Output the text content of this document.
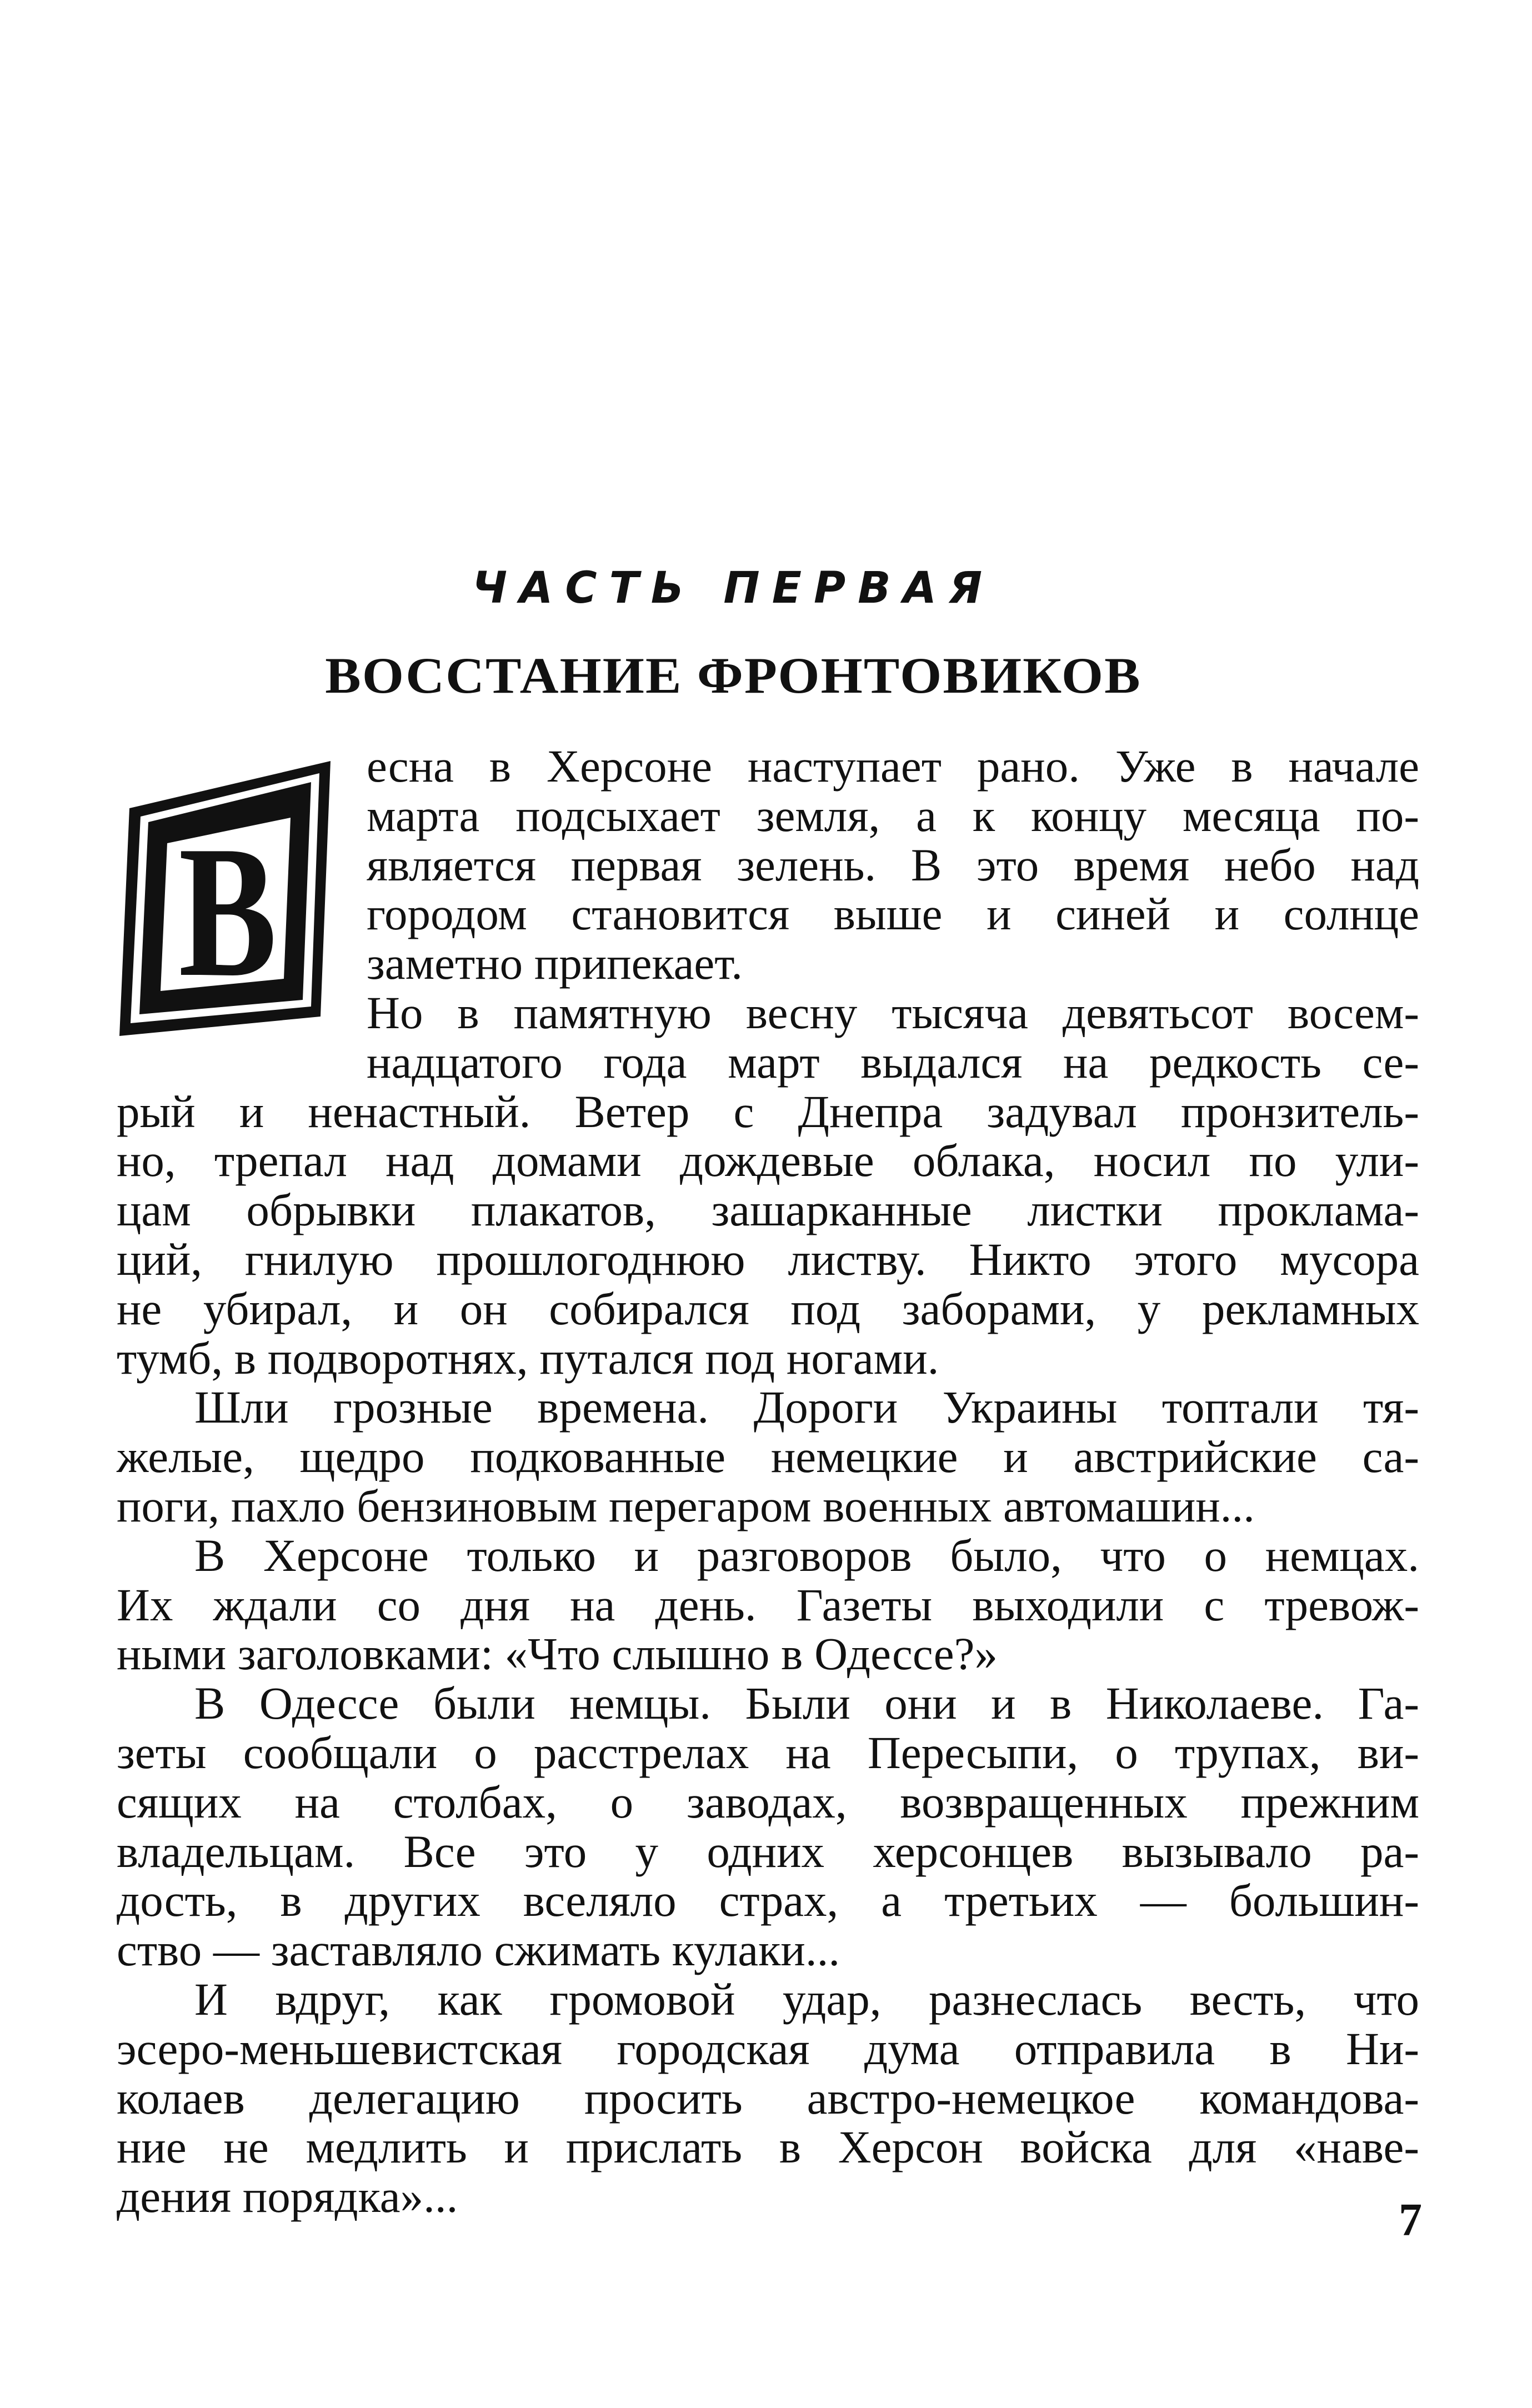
ЧАСТЬ ПЕРВАЯ
ВОССТАНИЕ ФРОНТОВИКОВ
В
есна в Херсоне наступает рано. Уже в начале
марта подсыхает земля, а к концу месяца по-
является первая зелень. В это время небо над
городом становится выше и синей и солнце
заметно припекает.
Но в памятную весну тысяча девятьсот восем-
надцатого года март выдался на редкость се-
рый и ненастный. Ветер с Днепра задувал пронзитель-
но, трепал над домами дождевые облака, носил по ули-
цам обрывки плакатов, зашарканные листки проклама-
ций, гнилую прошлогоднюю листву. Никто этого мусора
не убирал, и он собирался под заборами, у рекламных
тумб, в подворотнях, путался под ногами.
Шли грозные времена. Дороги Украины топтали тя-
желые, щедро подкованные немецкие и австрийские са-
поги, пахло бензиновым перегаром военных автомашин...
В Херсоне только и разговоров было, что о немцах.
Их ждали со дня на день. Газеты выходили с тревож-
ными заголовками: «Что слышно в Одессе?»
В Одессе были немцы. Были они и в Николаеве. Га-
зеты сообщали о расстрелах на Пересыпи, о трупах, ви-
сящих на столбах, о заводах, возвращенных прежним
владельцам. Все это у одних херсонцев вызывало ра-
дость, в других вселяло страх, а третьих — большин-
ство — заставляло сжимать кулаки...
И вдруг, как громовой удар, разнеслась весть, что
эсеро-меньшевистская городская дума отправила в Ни-
колаев делегацию просить австро-немецкое командова-
ние не медлить и прислать в Херсон войска для «наве-
дения порядка»...	7
